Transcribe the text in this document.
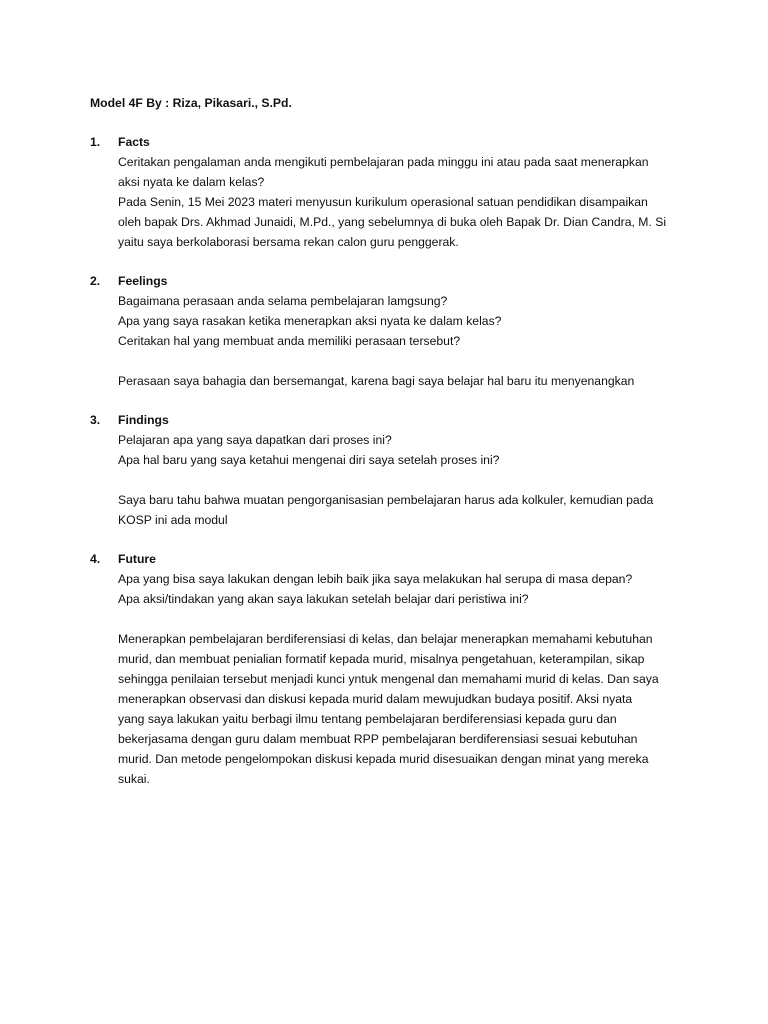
Model 4F By : Riza, Pikasari., S.Pd.
1.	Facts
Ceritakan pengalaman anda mengikuti pembelajaran pada minggu ini atau pada saat menerapkan
aksi nyata ke dalam kelas?
Pada Senin, 15 Mei 2023 materi menyusun kurikulum operasional satuan pendidikan disampaikan
oleh bapak Drs. Akhmad Junaidi, M.Pd., yang sebelumnya di buka oleh Bapak Dr. Dian Candra, M. Si
yaitu saya berkolaborasi bersama rekan calon guru penggerak.
2.	Feelings
Bagaimana perasaan anda selama pembelajaran lamgsung?
Apa yang saya rasakan ketika menerapkan aksi nyata ke dalam kelas?
Ceritakan hal yang membuat anda memiliki perasaan tersebut?
Perasaan saya bahagia dan bersemangat, karena bagi saya belajar hal baru itu menyenangkan
3.	Findings
Pelajaran apa yang saya dapatkan dari proses ini?
Apa hal baru yang saya ketahui mengenai diri saya setelah proses ini?
Saya baru tahu bahwa muatan pengorganisasian pembelajaran harus ada kolkuler, kemudian pada
KOSP ini ada modul
4.	Future
Apa yang bisa saya lakukan dengan lebih baik jika saya melakukan hal serupa di masa depan?
Apa aksi/tindakan yang akan saya lakukan setelah belajar dari peristiwa ini?
Menerapkan pembelajaran berdiferensiasi di kelas, dan belajar menerapkan memahami kebutuhan
murid, dan membuat penialian formatif kepada murid, misalnya pengetahuan, keterampilan, sikap
sehingga penilaian tersebut menjadi kunci yntuk mengenal dan memahami murid di kelas. Dan saya
menerapkan observasi dan diskusi kepada murid dalam mewujudkan budaya positif. Aksi nyata
yang saya lakukan yaitu berbagi ilmu tentang pembelajaran berdiferensiasi kepada guru dan
bekerjasama dengan guru dalam membuat RPP pembelajaran berdiferensiasi sesuai kebutuhan
murid. Dan metode pengelompokan diskusi kepada murid disesuaikan dengan minat yang mereka
sukai.
